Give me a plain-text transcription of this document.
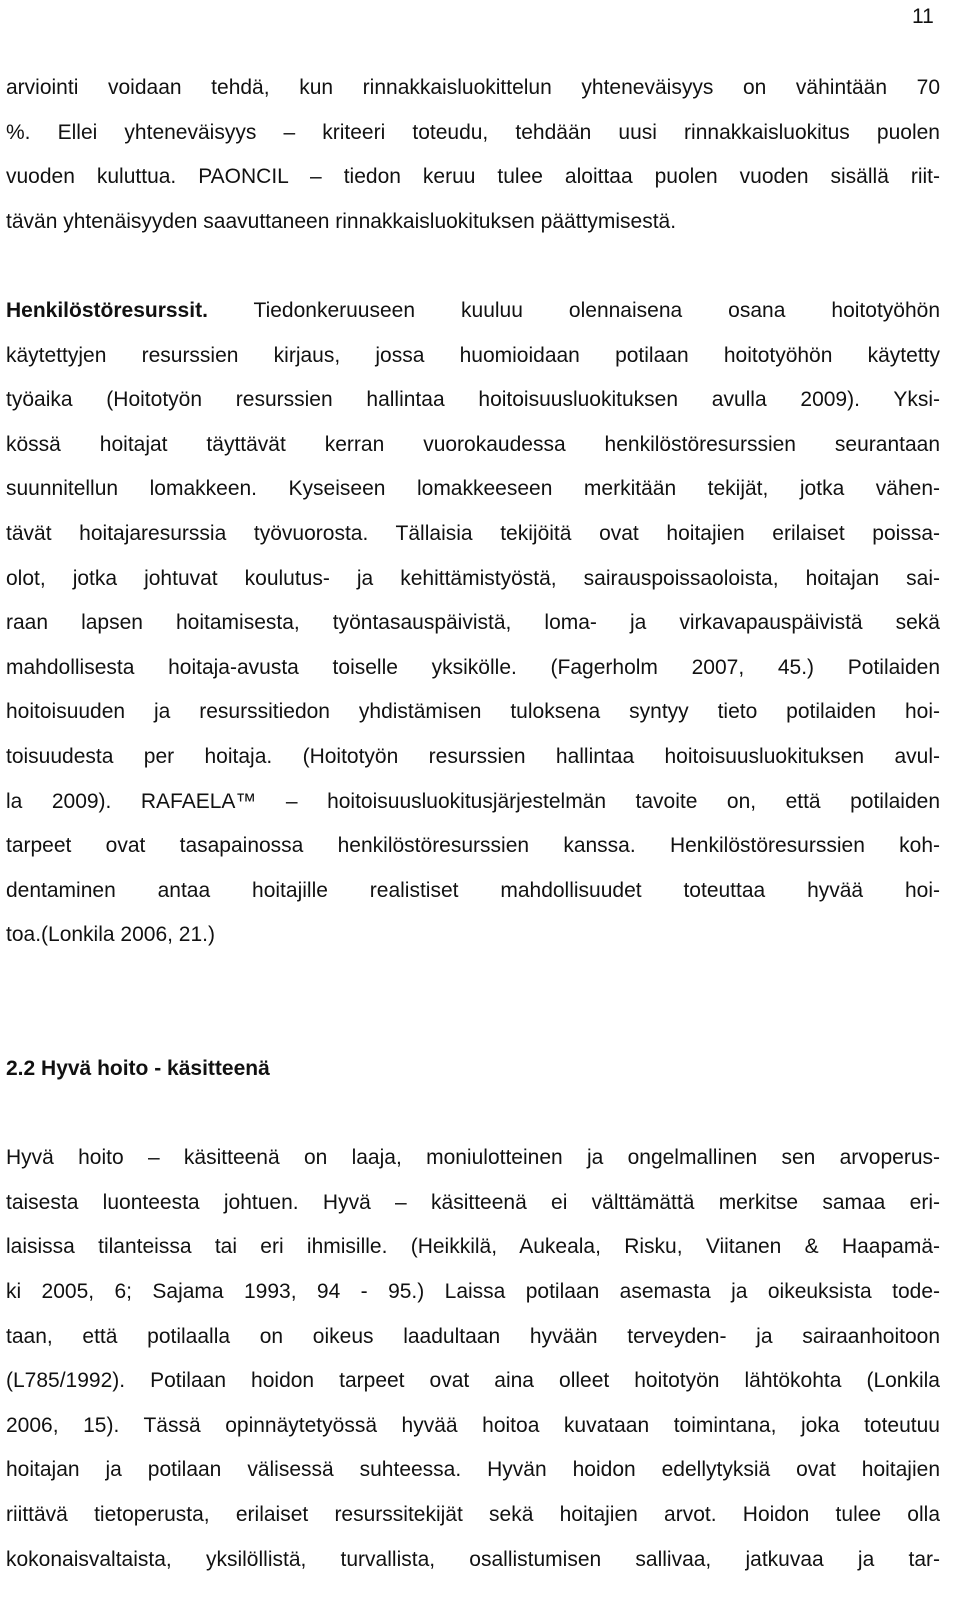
11
arviointi voidaan tehdä, kun rinnakkaisluokittelun yhteneväisyys on vähintään 70
%. Ellei yhteneväisyys – kriteeri toteudu, tehdään uusi rinnakkaisluokitus puolen
vuoden kuluttua. PAONCIL – tiedon keruu tulee aloittaa puolen vuoden sisällä riit-
tävän yhtenäisyyden saavuttaneen rinnakkaisluokituksen päättymisestä.
Henkilöstöresurssit. Tiedonkeruuseen kuuluu olennaisena osana hoitotyöhön
käytettyjen resurssien kirjaus, jossa huomioidaan potilaan hoitotyöhön käytetty
työaika (Hoitotyön resurssien hallintaa hoitoisuusluokituksen avulla 2009). Yksi-
kössä hoitajat täyttävät kerran vuorokaudessa henkilöstöresurssien seurantaan
suunnitellun lomakkeen. Kyseiseen lomakkeeseen merkitään tekijät, jotka vähen-
tävät hoitajaresurssia työvuorosta. Tällaisia tekijöitä ovat hoitajien erilaiset poissa-
olot, jotka johtuvat koulutus- ja kehittämistyöstä, sairauspoissaoloista, hoitajan sai-
raan lapsen hoitamisesta, työntasauspäivistä, loma- ja virkavapauspäivistä sekä
mahdollisesta hoitaja-avusta toiselle yksikölle. (Fagerholm 2007, 45.) Potilaiden
hoitoisuuden ja resurssitiedon yhdistämisen tuloksena syntyy tieto potilaiden hoi-
toisuudesta per hoitaja. (Hoitotyön resurssien hallintaa hoitoisuusluokituksen avul-
la 2009). RAFAELA™ – hoitoisuusluokitusjärjestelmän tavoite on, että potilaiden
tarpeet ovat tasapainossa henkilöstöresurssien kanssa. Henkilöstöresurssien koh-
dentaminen antaa hoitajille realistiset mahdollisuudet toteuttaa hyvää hoi-
toa.(Lonkila 2006, 21.)
2.2 Hyvä hoito - käsitteenä
Hyvä hoito – käsitteenä on laaja, moniulotteinen ja ongelmallinen sen arvoperus-
taisesta luonteesta johtuen. Hyvä – käsitteenä ei välttämättä merkitse samaa eri-
laisissa tilanteissa tai eri ihmisille. (Heikkilä, Aukeala, Risku, Viitanen & Haapamä-
ki 2005, 6; Sajama 1993, 94 - 95.) Laissa potilaan asemasta ja oikeuksista tode-
taan, että potilaalla on oikeus laadultaan hyvään terveyden- ja sairaanhoitoon
(L785/1992). Potilaan hoidon tarpeet ovat aina olleet hoitotyön lähtökohta (Lonkila
2006, 15). Tässä opinnäytetyössä hyvää hoitoa kuvataan toimintana, joka toteutuu
hoitajan ja potilaan välisessä suhteessa. Hyvän hoidon edellytyksiä ovat hoitajien
riittävä tietoperusta, erilaiset resurssitekijät sekä hoitajien arvot. Hoidon tulee olla
kokonaisvaltaista, yksilöllistä, turvallista, osallistumisen sallivaa, jatkuvaa ja tar-
